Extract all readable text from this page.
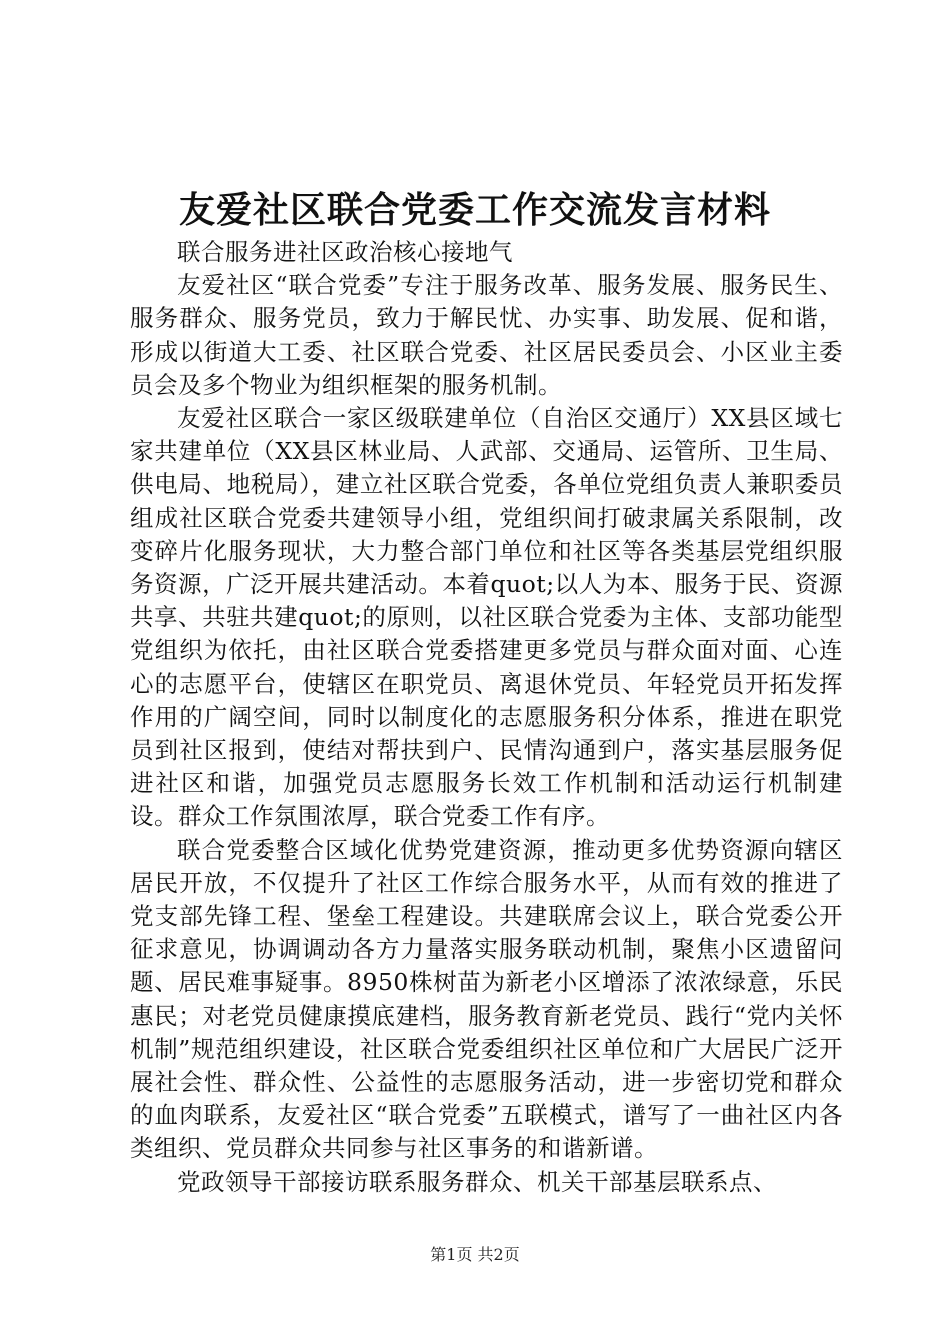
友爱社区联合党委工作交流发言材料

联合服务进社区政治核心接地气

友爱社区“联合党委”专注于服务改革、服务发展、服务民生、服务群众、服务党员，致力于解民忧、办实事、助发展、促和谐，形成以街道大工委、社区联合党委、社区居民委员会、小区业主委员会及多个物业为组织框架的服务机制。

友爱社区联合一家区级联建单位（自治区交通厅）XX县区域七家共建单位（XX县区林业局、人武部、交通局、运管所、卫生局、供电局、地税局），建立社区联合党委，各单位党组负责人兼职委员组成社区联合党委共建领导小组，党组织间打破隶属关系限制，改变碎片化服务现状，大力整合部门单位和社区等各类基层党组织服务资源，广泛开展共建活动。本着quot;以人为本、服务于民、资源共享、共驻共建quot;的原则，以社区联合党委为主体、支部功能型党组织为依托，由社区联合党委搭建更多党员与群众面对面、心连心的志愿平台，使辖区在职党员、离退休党员、年轻党员开拓发挥作用的广阔空间，同时以制度化的志愿服务积分体系，推进在职党员到社区报到，使结对帮扶到户、民情沟通到户，落实基层服务促进社区和谐，加强党员志愿服务长效工作机制和活动运行机制建设。群众工作氛围浓厚，联合党委工作有序。

联合党委整合区域化优势党建资源，推动更多优势资源向辖区居民开放，不仅提升了社区工作综合服务水平，从而有效的推进了党支部先锋工程、堡垒工程建设。共建联席会议上，联合党委公开征求意见，协调调动各方力量落实服务联动机制，聚焦小区遗留问题、居民难事疑事。8950株树苗为新老小区增添了浓浓绿意，乐民惠民；对老党员健康摸底建档，服务教育新老党员、践行“党内关怀机制”规范组织建设，社区联合党委组织社区单位和广大居民广泛开展社会性、群众性、公益性的志愿服务活动，进一步密切党和群众的血肉联系，友爱社区“联合党委”五联模式，谱写了一曲社区内各类组织、党员群众共同参与社区事务的和谐新谱。

党政领导干部接访联系服务群众、机关干部基层联系点、

第1页 共2页
